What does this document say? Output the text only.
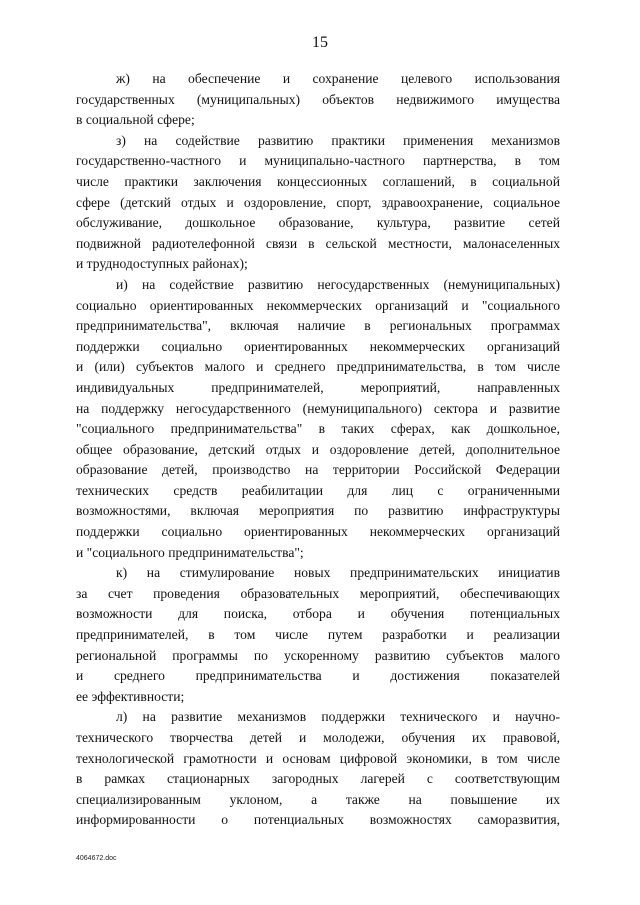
15
ж) на обеспечение и сохранение целевого использования
государственных (муниципальных) объектов недвижимого имущества
в социальной сфере;
з) на содействие развитию практики применения механизмов
государственно-частного и муниципально-частного партнерства, в том
числе практики заключения концессионных соглашений, в социальной
сфере (детский отдых и оздоровление, спорт, здравоохранение, социальное
обслуживание, дошкольное образование, культура, развитие сетей
подвижной радиотелефонной связи в сельской местности, малонаселенных
и труднодоступных районах);
и) на содействие развитию негосударственных (немуниципальных)
социально ориентированных некоммерческих организаций и "социального
предпринимательства", включая наличие в региональных программах
поддержки социально ориентированных некоммерческих организаций
и (или) субъектов малого и среднего предпринимательства, в том числе
индивидуальных предпринимателей, мероприятий, направленных
на поддержку негосударственного (немуниципального) сектора и развитие
"социального предпринимательства" в таких сферах, как дошкольное,
общее образование, детский отдых и оздоровление детей, дополнительное
образование детей, производство на территории Российской Федерации
технических средств реабилитации для лиц с ограниченными
возможностями, включая мероприятия по развитию инфраструктуры
поддержки социально ориентированных некоммерческих организаций
и "социального предпринимательства";
к) на стимулирование новых предпринимательских инициатив
за счет проведения образовательных мероприятий, обеспечивающих
возможности для поиска, отбора и обучения потенциальных
предпринимателей, в том числе путем разработки и реализации
региональной программы по ускоренному развитию субъектов малого
и среднего предпринимательства и достижения показателей
ее эффективности;
л) на развитие механизмов поддержки технического и научно-
технического творчества детей и молодежи, обучения их правовой,
технологической грамотности и основам цифровой экономики, в том числе
в рамках стационарных загородных лагерей с соответствующим
специализированным уклоном, а также на повышение их
информированности о потенциальных возможностях саморазвития,
4064672.doc
